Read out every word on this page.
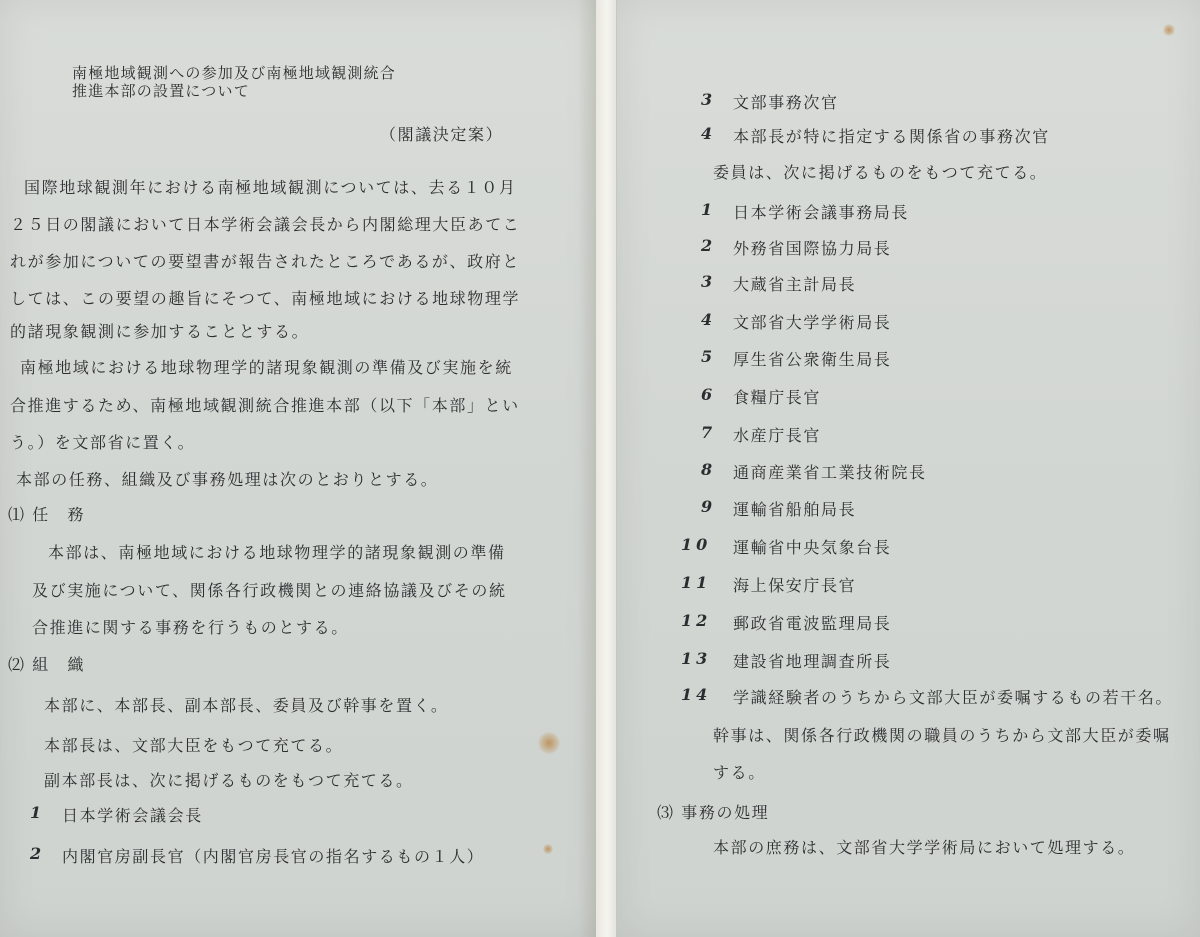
南極地域観測への参加及び南極地域観測統合
推進本部の設置について
（閣議決定案）
国際地球観測年における南極地域観測については、去る１０月
２５日の閣議において日本学術会議会長から内閣総理大臣あてこ
れが参加についての要望書が報告されたところであるが、政府と
しては、この要望の趣旨にそつて、南極地域における地球物理学
的諸現象観測に参加することとする。
南極地域における地球物理学的諸現象観測の準備及び実施を統
合推進するため、南極地域観測統合推進本部（以下「本部」とい
う。）を文部省に置く。
本部の任務、組織及び事務処理は次のとおりとする。
⑴ 任　務
本部は、南極地域における地球物理学的諸現象観測の準備
及び実施について、関係各行政機関との連絡協議及びその統
合推進に関する事務を行うものとする。
⑵ 組　織
本部に、本部長、副本部長、委員及び幹事を置く。
本部長は、文部大臣をもつて充てる。
副本部長は、次に掲げるものをもつて充てる。
1 日本学術会議会長
2 内閣官房副長官（内閣官房長官の指名するもの１人）
3 文部事務次官
4 本部長が特に指定する関係省の事務次官
委員は、次に掲げるものをもつて充てる。
1 日本学術会議事務局長
2 外務省国際協力局長
3 大蔵省主計局長
4 文部省大学学術局長
5 厚生省公衆衛生局長
6 食糧庁長官
7 水産庁長官
8 通商産業省工業技術院長
9 運輸省船舶局長
10 運輸省中央気象台長
11 海上保安庁長官
12 郵政省電波監理局長
13 建設省地理調査所長
14 学識経験者のうちから文部大臣が委嘱するもの若干名。
幹事は、関係各行政機関の職員のうちから文部大臣が委嘱
する。
⑶ 事務の処理
本部の庶務は、文部省大学学術局において処理する。
